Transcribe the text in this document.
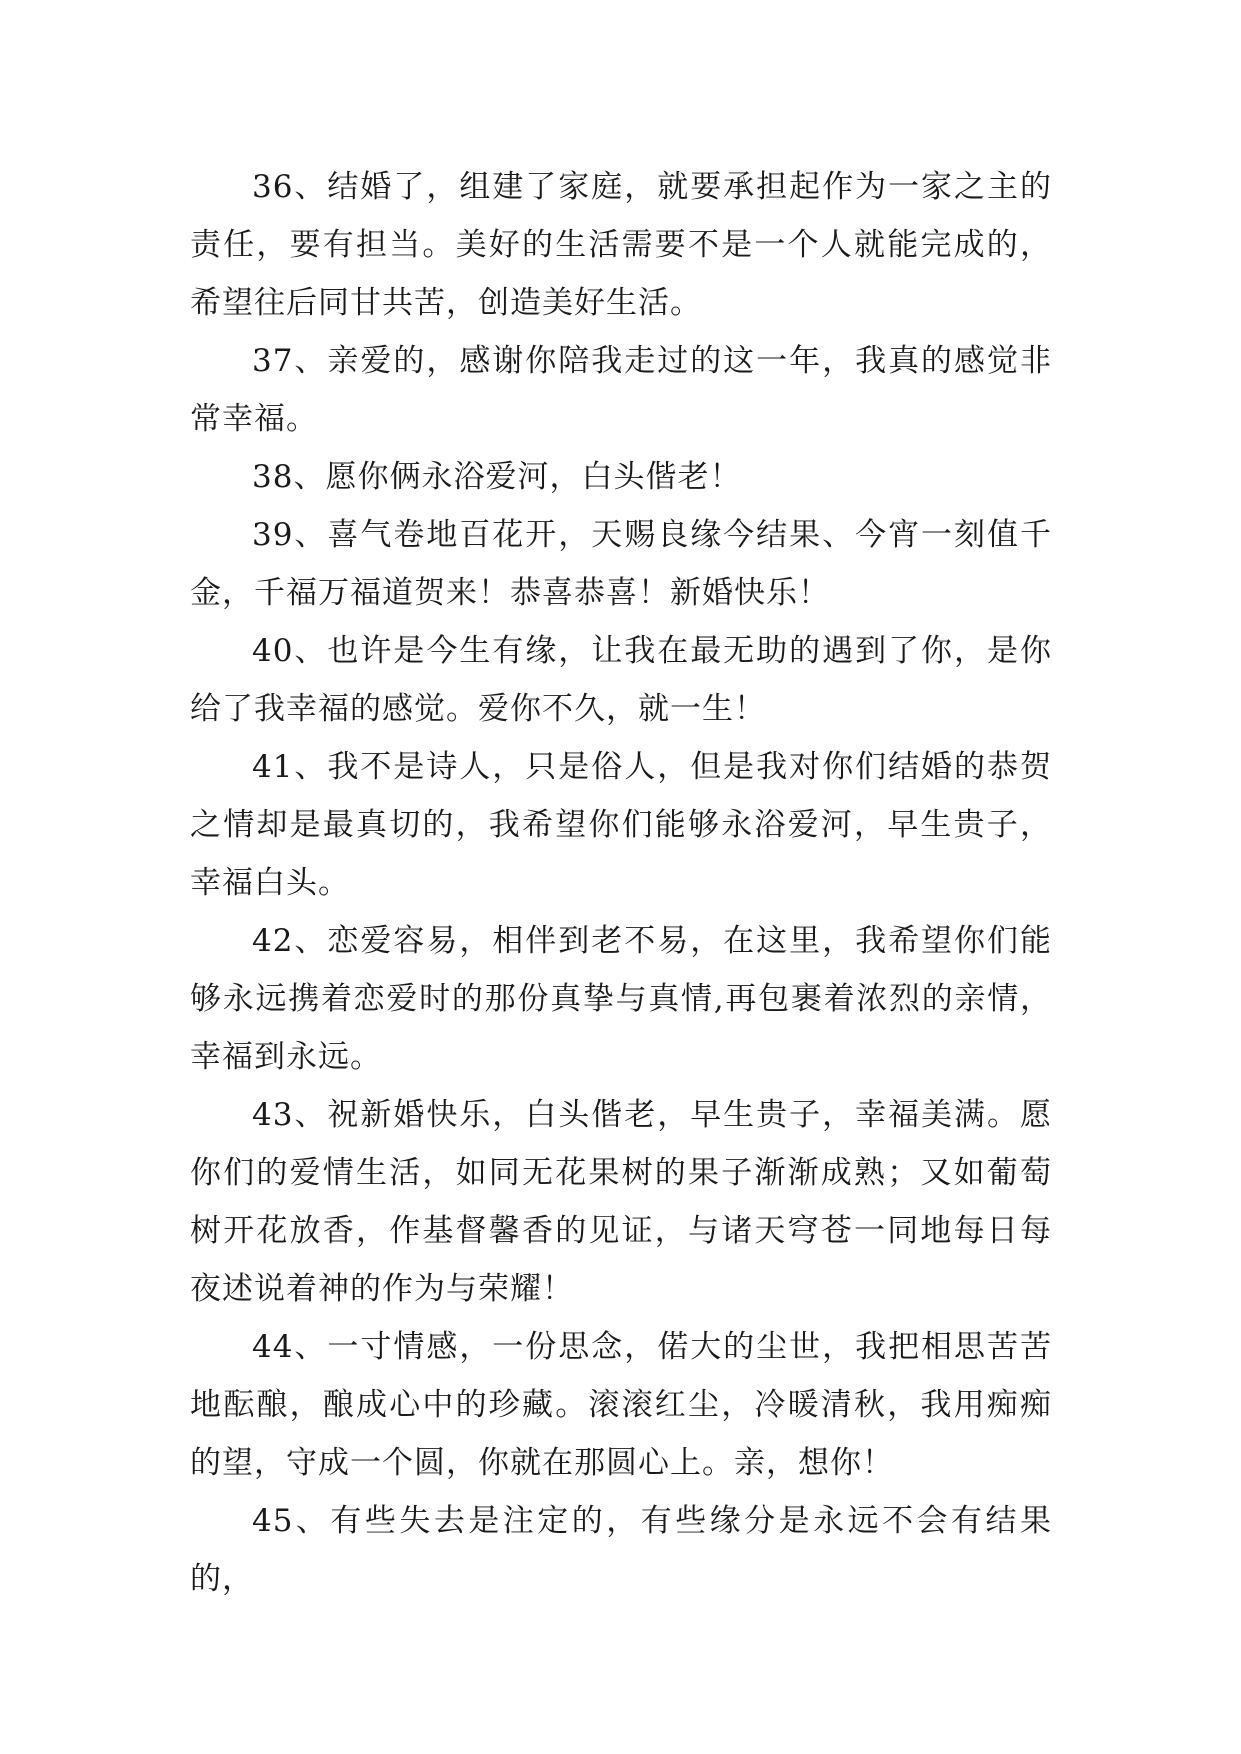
36、结婚了，组建了家庭，就要承担起作为一家之主的责任，要有担当。美好的生活需要不是一个人就能完成的，希望往后同甘共苦，创造美好生活。

37、亲爱的，感谢你陪我走过的这一年，我真的感觉非常幸福。

38、愿你俩永浴爱河，白头偕老！

39、喜气卷地百花开，天赐良缘今结果、今宵一刻值千金，千福万福道贺来！恭喜恭喜！新婚快乐！

40、也许是今生有缘，让我在最无助的遇到了你，是你给了我幸福的感觉。爱你不久，就一生！

41、我不是诗人，只是俗人，但是我对你们结婚的恭贺之情却是最真切的，我希望你们能够永浴爱河，早生贵子，幸福白头。

42、恋爱容易，相伴到老不易，在这里，我希望你们能够永远携着恋爱时的那份真挚与真情,再包裹着浓烈的亲情，幸福到永远。

43、祝新婚快乐，白头偕老，早生贵子，幸福美满。愿你们的爱情生活，如同无花果树的果子渐渐成熟；又如葡萄树开花放香，作基督馨香的见证，与诸天穹苍一同地每日每夜述说着神的作为与荣耀！

44、一寸情感，一份思念，偌大的尘世，我把相思苦苦地酝酿，酿成心中的珍藏。滚滚红尘，冷暖清秋，我用痴痴的望，守成一个圆，你就在那圆心上。亲，想你！

45、有些失去是注定的，有些缘分是永远不会有结果的，
